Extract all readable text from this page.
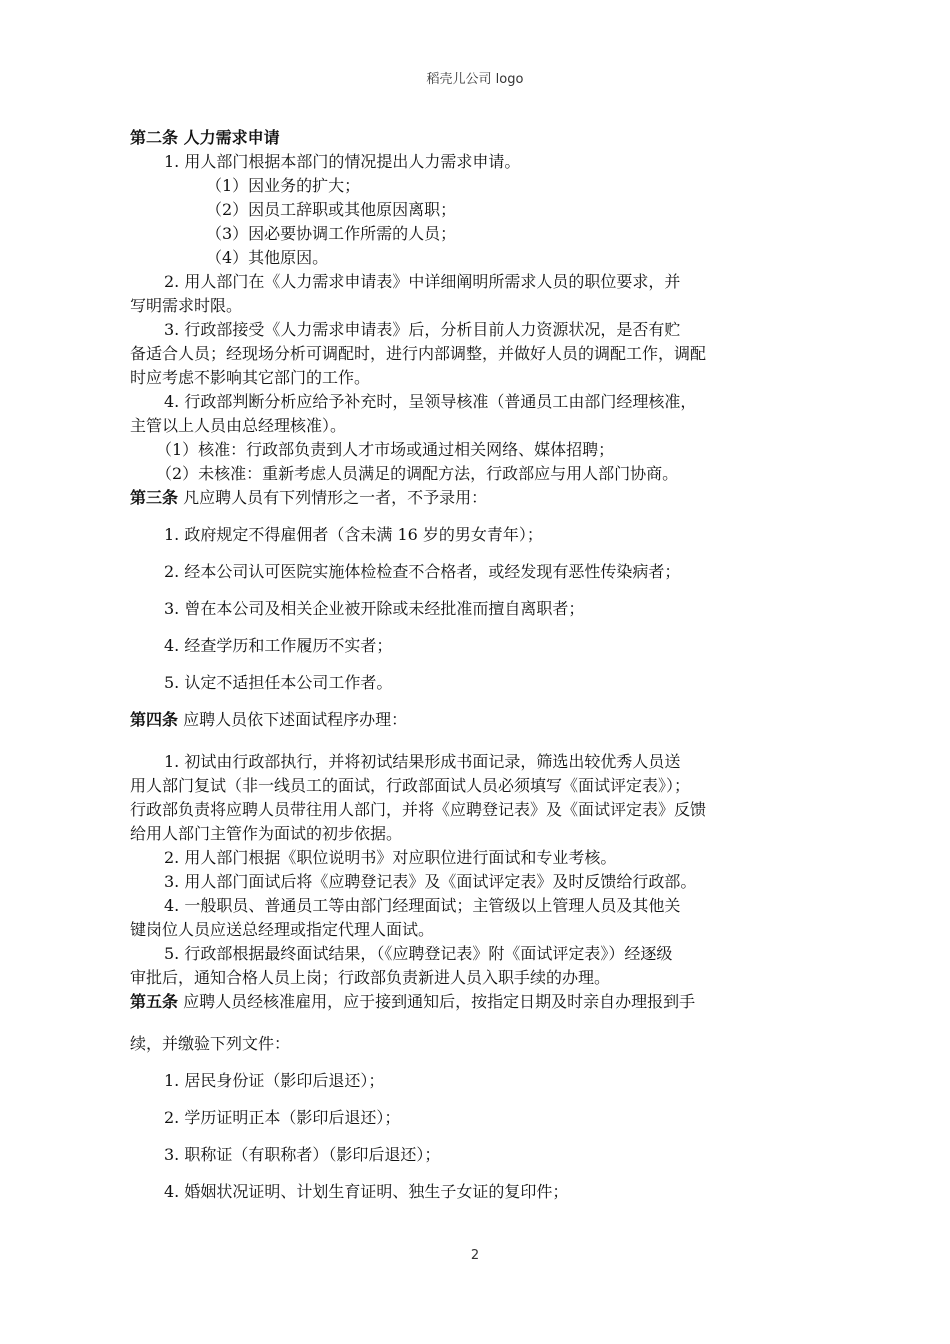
稻壳儿公司 logo
第二条 人力需求申请
1. 用人部门根据本部门的情况提出人力需求申请。
（1）因业务的扩大；
（2）因员工辞职或其他原因离职；
（3）因必要协调工作所需的人员；
（4）其他原因。
2. 用人部门在《人力需求申请表》中详细阐明所需求人员的职位要求，并
写明需求时限。
3. 行政部接受《人力需求申请表》后，分析目前人力资源状况，是否有贮
备适合人员；经现场分析可调配时，进行内部调整，并做好人员的调配工作，调配
时应考虑不影响其它部门的工作。
4. 行政部判断分析应给予补充时，呈领导核准（普通员工由部门经理核准，
主管以上人员由总经理核准）。
（1）核准：行政部负责到人才市场或通过相关网络、媒体招聘；
（2）未核准：重新考虑人员满足的调配方法，行政部应与用人部门协商。
第三条 凡应聘人员有下列情形之一者，不予录用：
1. 政府规定不得雇佣者（含未满 16 岁的男女青年）；
2. 经本公司认可医院实施体检检查不合格者，或经发现有恶性传染病者；
3. 曾在本公司及相关企业被开除或未经批准而擅自离职者；
4. 经查学历和工作履历不实者；
5. 认定不适担任本公司工作者。
第四条 应聘人员依下述面试程序办理：
1. 初试由行政部执行，并将初试结果形成书面记录，筛选出较优秀人员送
用人部门复试（非一线员工的面试，行政部面试人员必须填写《面试评定表》）；
行政部负责将应聘人员带往用人部门，并将《应聘登记表》及《面试评定表》反馈
给用人部门主管作为面试的初步依据。
2. 用人部门根据《职位说明书》对应职位进行面试和专业考核。
3. 用人部门面试后将《应聘登记表》及《面试评定表》及时反馈给行政部。
4. 一般职员、普通员工等由部门经理面试；主管级以上管理人员及其他关
键岗位人员应送总经理或指定代理人面试。
5. 行政部根据最终面试结果，（《应聘登记表》附《面试评定表》）经逐级
审批后，通知合格人员上岗；行政部负责新进人员入职手续的办理。
第五条 应聘人员经核准雇用，应于接到通知后，按指定日期及时亲自办理报到手
续，并缴验下列文件：
1. 居民身份证（影印后退还）；
2. 学历证明正本（影印后退还）；
3. 职称证（有职称者）（影印后退还）；
4. 婚姻状况证明、计划生育证明、独生子女证的复印件；
2
